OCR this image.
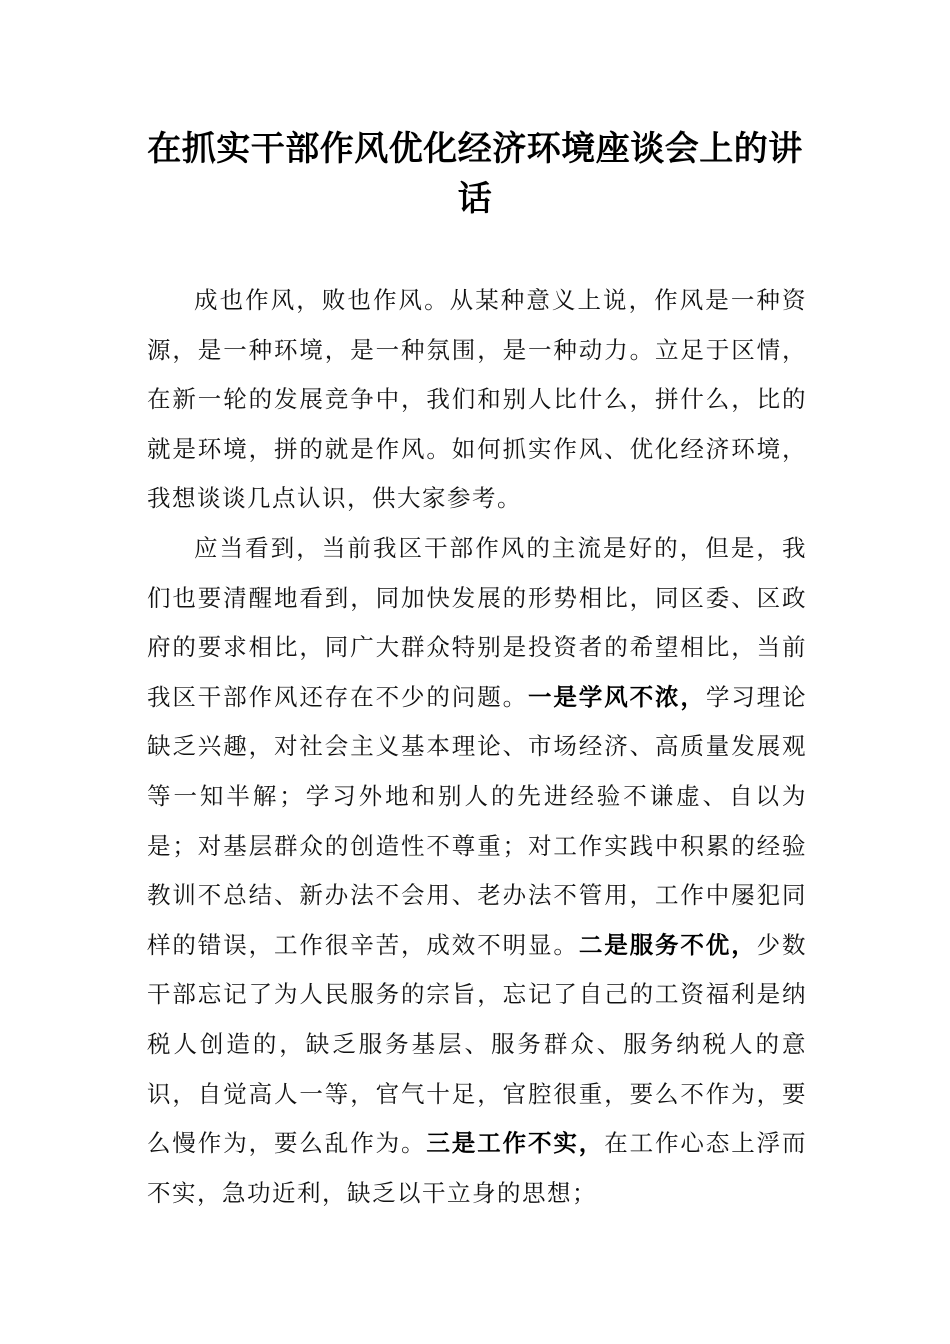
在抓实干部作风优化经济环境座谈会上的讲话

成也作风，败也作风。从某种意义上说，作风是一种资源，是一种环境，是一种氛围，是一种动力。立足于区情，在新一轮的发展竞争中，我们和别人比什么，拼什么，比的就是环境，拼的就是作风。如何抓实作风、优化经济环境，我想谈谈几点认识，供大家参考。

应当看到，当前我区干部作风的主流是好的，但是，我们也要清醒地看到，同加快发展的形势相比，同区委、区政府的要求相比，同广大群众特别是投资者的希望相比，当前我区干部作风还存在不少的问题。一是学风不浓，学习理论缺乏兴趣，对社会主义基本理论、市场经济、高质量发展观等一知半解；学习外地和别人的先进经验不谦虚、自以为是；对基层群众的创造性不尊重；对工作实践中积累的经验教训不总结、新办法不会用、老办法不管用，工作中屡犯同样的错误，工作很辛苦，成效不明显。二是服务不优，少数干部忘记了为人民服务的宗旨，忘记了自己的工资福利是纳税人创造的，缺乏服务基层、服务群众、服务纳税人的意识，自觉高人一等，官气十足，官腔很重，要么不作为，要么慢作为，要么乱作为。三是工作不实，在工作心态上浮而不实，急功近利，缺乏以干立身的思想；
